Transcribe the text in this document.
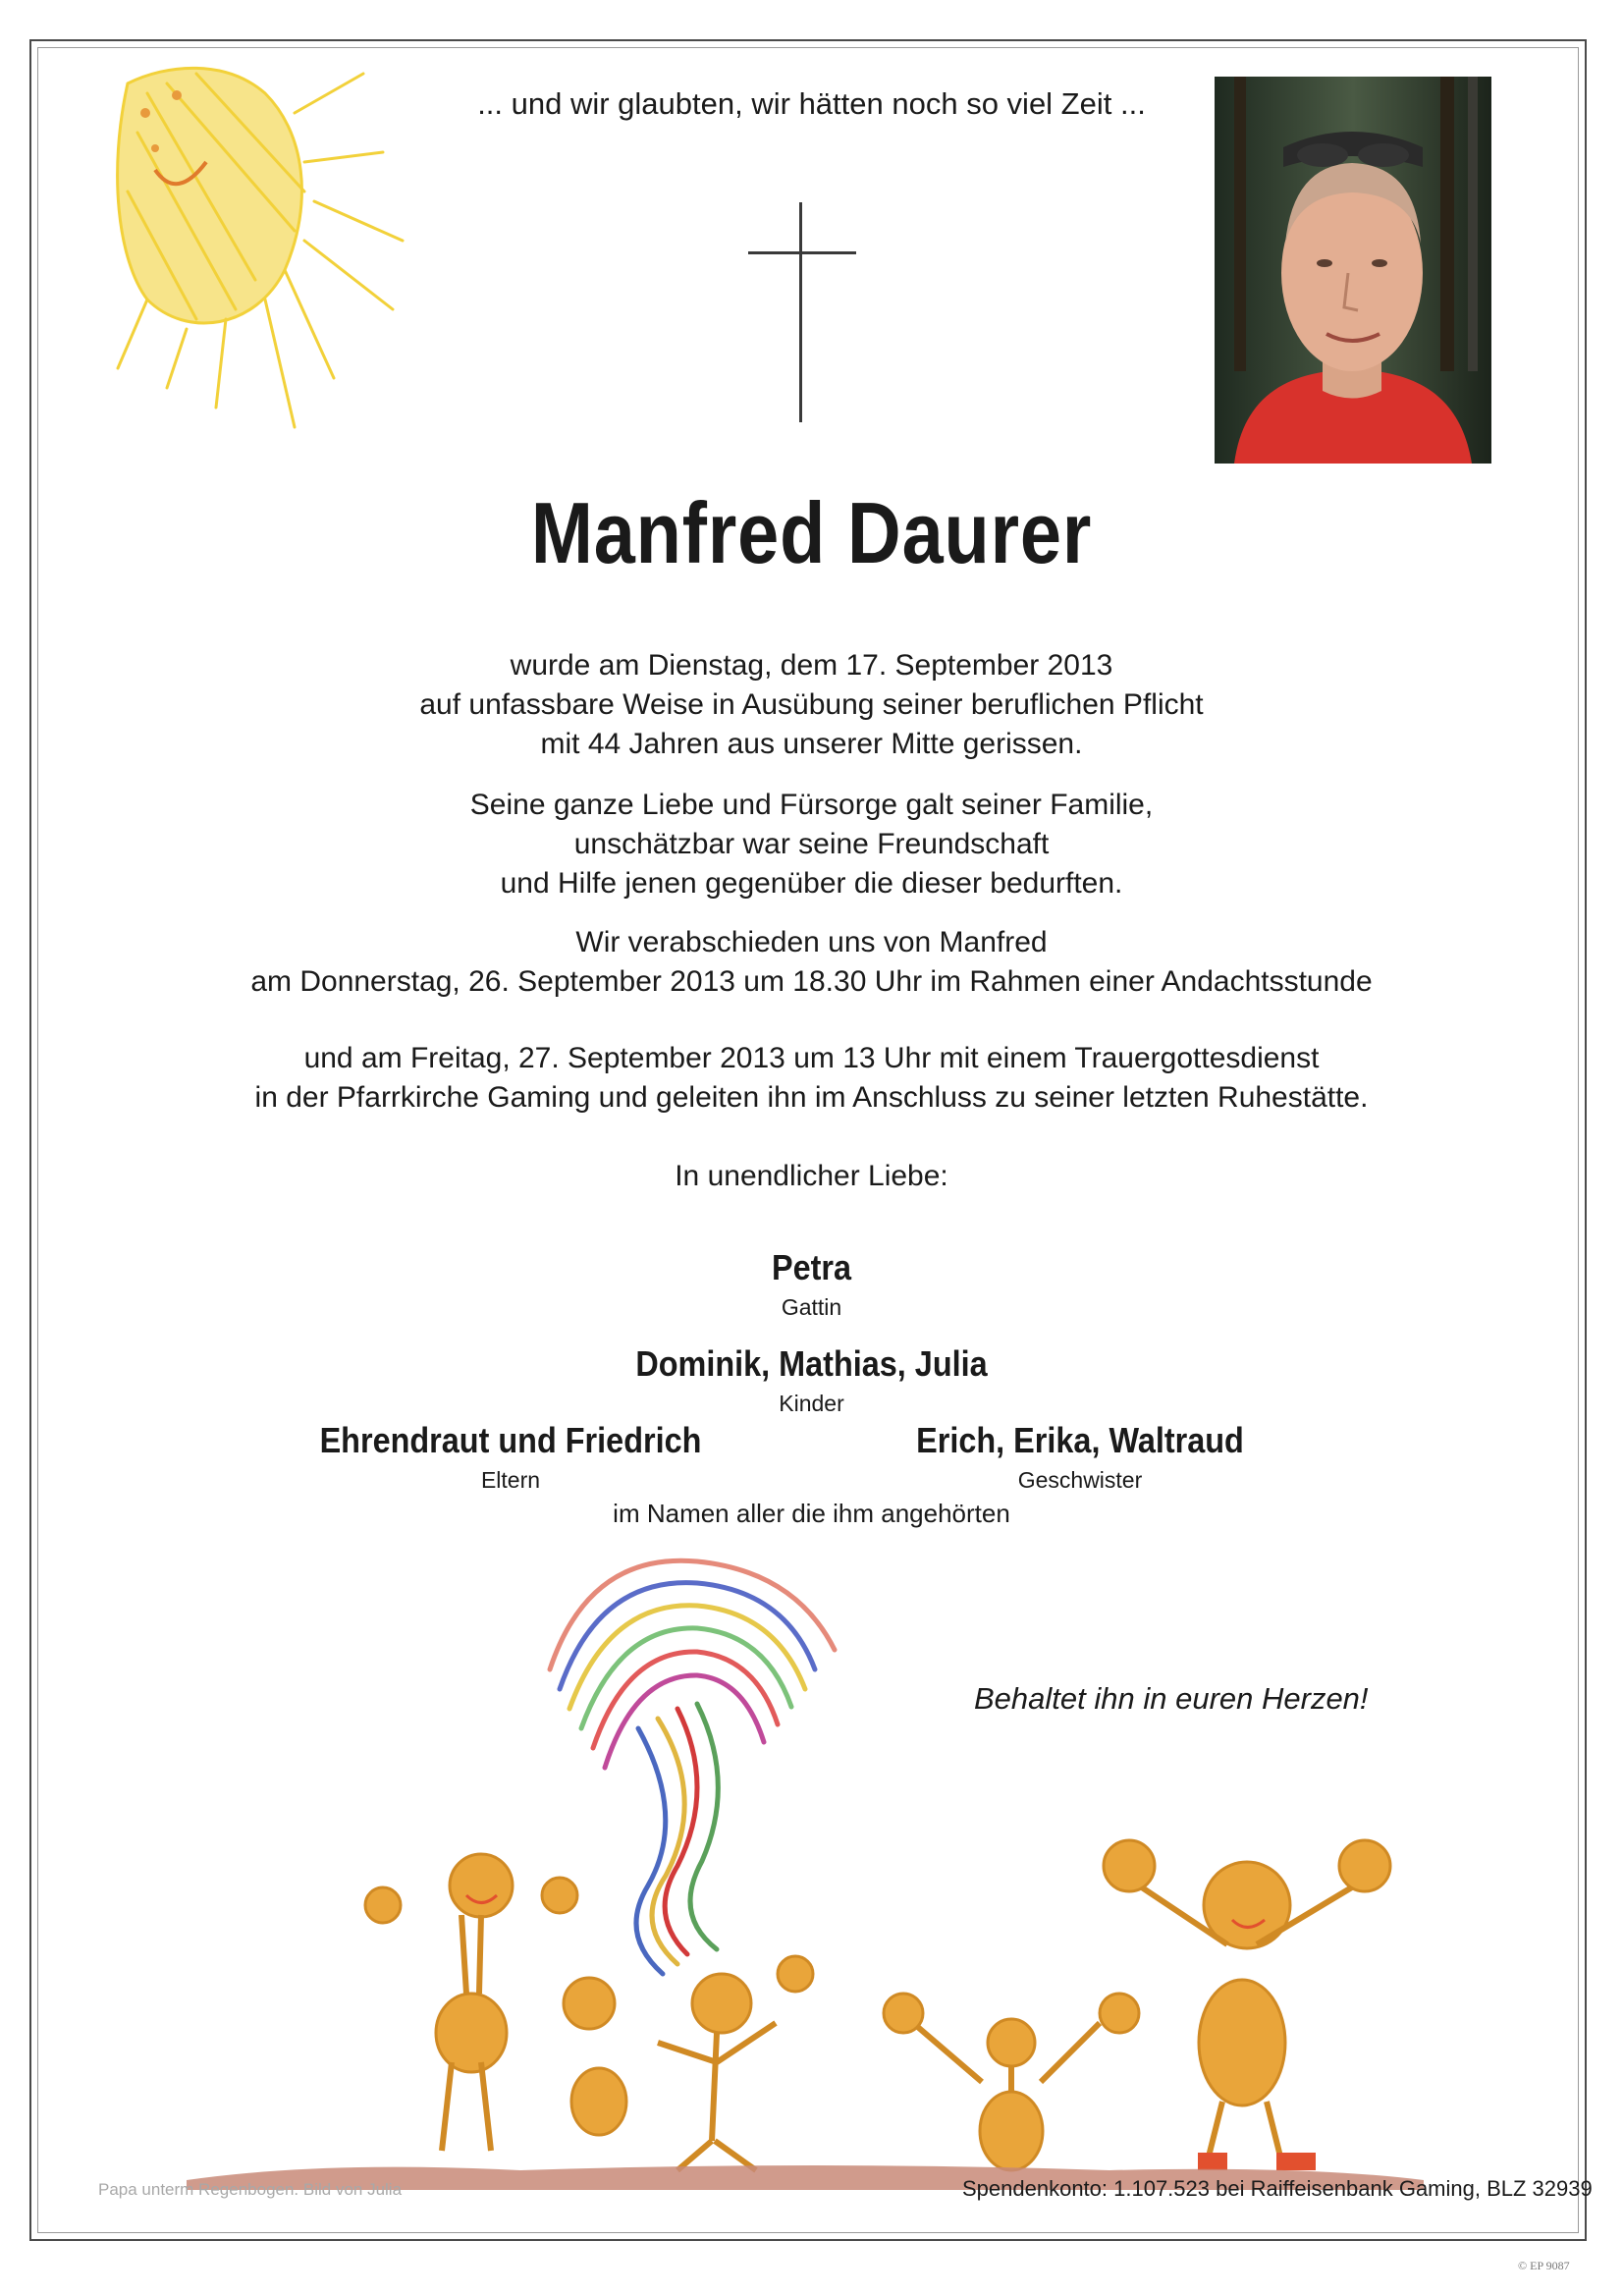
... und wir glaubten, wir hätten noch so viel Zeit ...
Manfred Daurer
wurde am Dienstag, dem 17. September 2013
auf unfassbare Weise in Ausübung seiner beruflichen Pflicht
mit 44 Jahren aus unserer Mitte gerissen.
Seine ganze Liebe und Fürsorge galt seiner Familie,
unschätzbar war seine Freundschaft
und Hilfe jenen gegenüber die dieser bedurften.
Wir verabschieden uns von Manfred
am Donnerstag, 26. September 2013 um 18.30 Uhr im Rahmen einer Andachtsstunde
und am Freitag, 27. September 2013 um 13 Uhr mit einem Trauergottesdienst
in der Pfarrkirche Gaming und geleiten ihn im Anschluss zu seiner letzten Ruhestätte.
In unendlicher Liebe:
Petra
Gattin
Dominik, Mathias, Julia
Kinder
Ehrendraut und Friedrich
Eltern
Erich, Erika, Waltraud
Geschwister
im Namen aller die ihm angehörten
Behaltet ihn in euren Herzen!
Papa unterm Regenbogen. Bild von Julia	Spendenkonto: 1.107.523 bei Raiffeisenbank Gaming, BLZ 32939
© EP 9087
